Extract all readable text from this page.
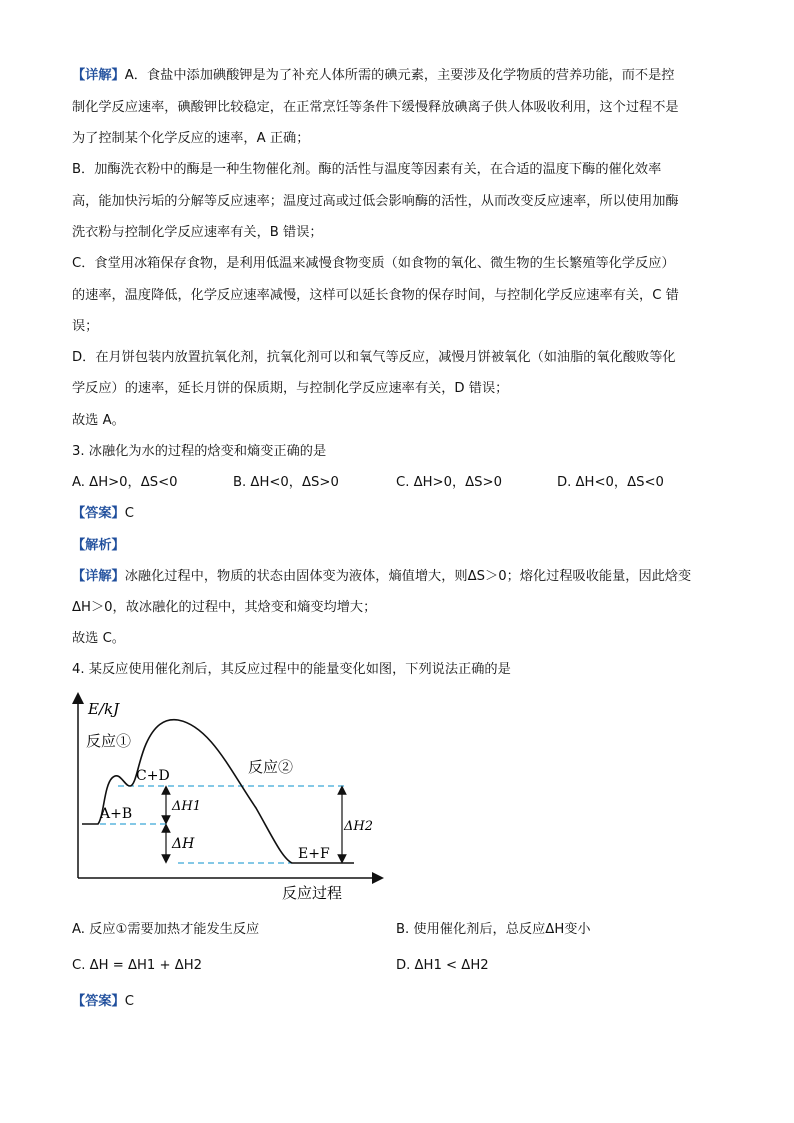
【详解】A．食盐中添加碘酸钾是为了补充人体所需的碘元素，主要涉及化学物质的营养功能，而不是控
制化学反应速率，碘酸钾比较稳定，在正常烹饪等条件下缓慢释放碘离子供人体吸收利用，这个过程不是
为了控制某个化学反应的速率，A 正确；
B．加酶洗衣粉中的酶是一种生物催化剂。酶的活性与温度等因素有关，在合适的温度下酶的催化效率
高，能加快污垢的分解等反应速率；温度过高或过低会影响酶的活性，从而改变反应速率，所以使用加酶
洗衣粉与控制化学反应速率有关，B 错误；
C．食堂用冰箱保存食物，是利用低温来减慢食物变质（如食物的氧化、微生物的生长繁殖等化学反应）
的速率，温度降低，化学反应速率减慢，这样可以延长食物的保存时间，与控制化学反应速率有关，C 错
误；
D．在月饼包装内放置抗氧化剂，抗氧化剂可以和氧气等反应，减慢月饼被氧化（如油脂的氧化酸败等化
学反应）的速率，延长月饼的保质期，与控制化学反应速率有关，D 错误；
故选 A。
3. 冰融化为水的过程的焓变和熵变正确的是
A. ΔH>0，ΔS<0	B. ΔH<0，ΔS>0	C. ΔH>0，ΔS>0	D. ΔH<0，ΔS<0
【答案】C
【解析】
【详解】冰融化过程中，物质的状态由固体变为液体，熵值增大，则ΔS＞0；熔化过程吸收能量，因此焓变
ΔH＞0，故冰融化的过程中，其焓变和熵变均增大；
故选 C。
4. 某反应使用催化剂后，其反应过程中的能量变化如图，下列说法正确的是
E/kJ
反应过程
反应①
反应②
C+D
A+B
E+F
ΔH1
ΔH
ΔH2
A. 反应①需要加热才能发生反应	B. 使用催化剂后，总反应ΔH变小
C. ΔH = ΔH1 + ΔH2	D. ΔH1 < ΔH2
【答案】C
